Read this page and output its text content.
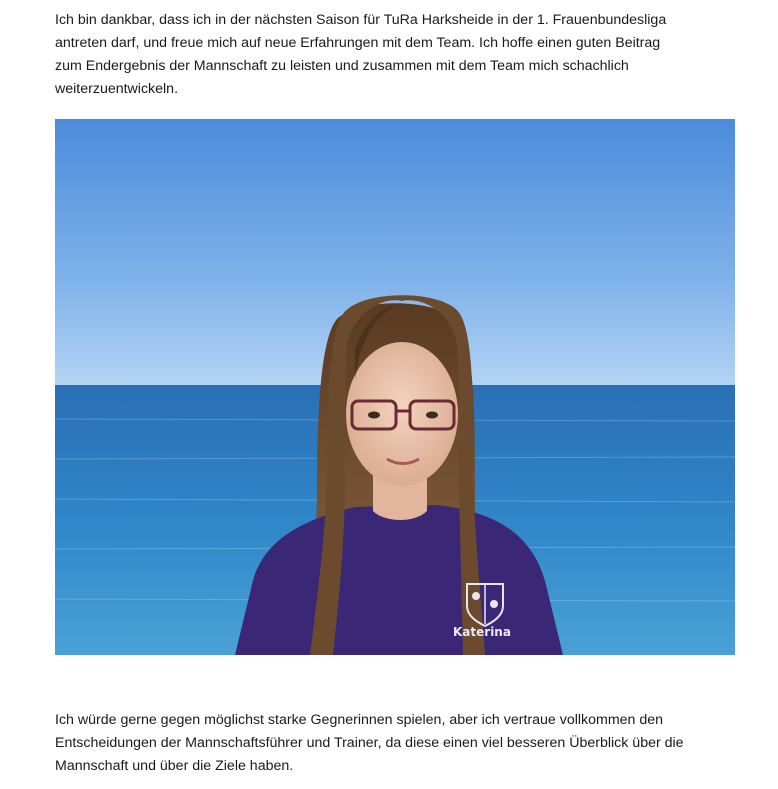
Ich bin dankbar, dass ich in der nächsten Saison für TuRa Harksheide in der 1. Frauenbundesliga
antreten darf, und freue mich auf neue Erfahrungen mit dem Team. Ich hoffe einen guten Beitrag
zum Endergebnis der Mannschaft zu leisten und zusammen mit dem Team mich schachlich
weiterzuentwickeln.
Katerina
Ich würde gerne gegen möglichst starke Gegnerinnen spielen, aber ich vertraue vollkommen den
Entscheidungen der Mannschaftsführer und Trainer, da diese einen viel besseren Überblick über die
Mannschaft und über die Ziele haben.
